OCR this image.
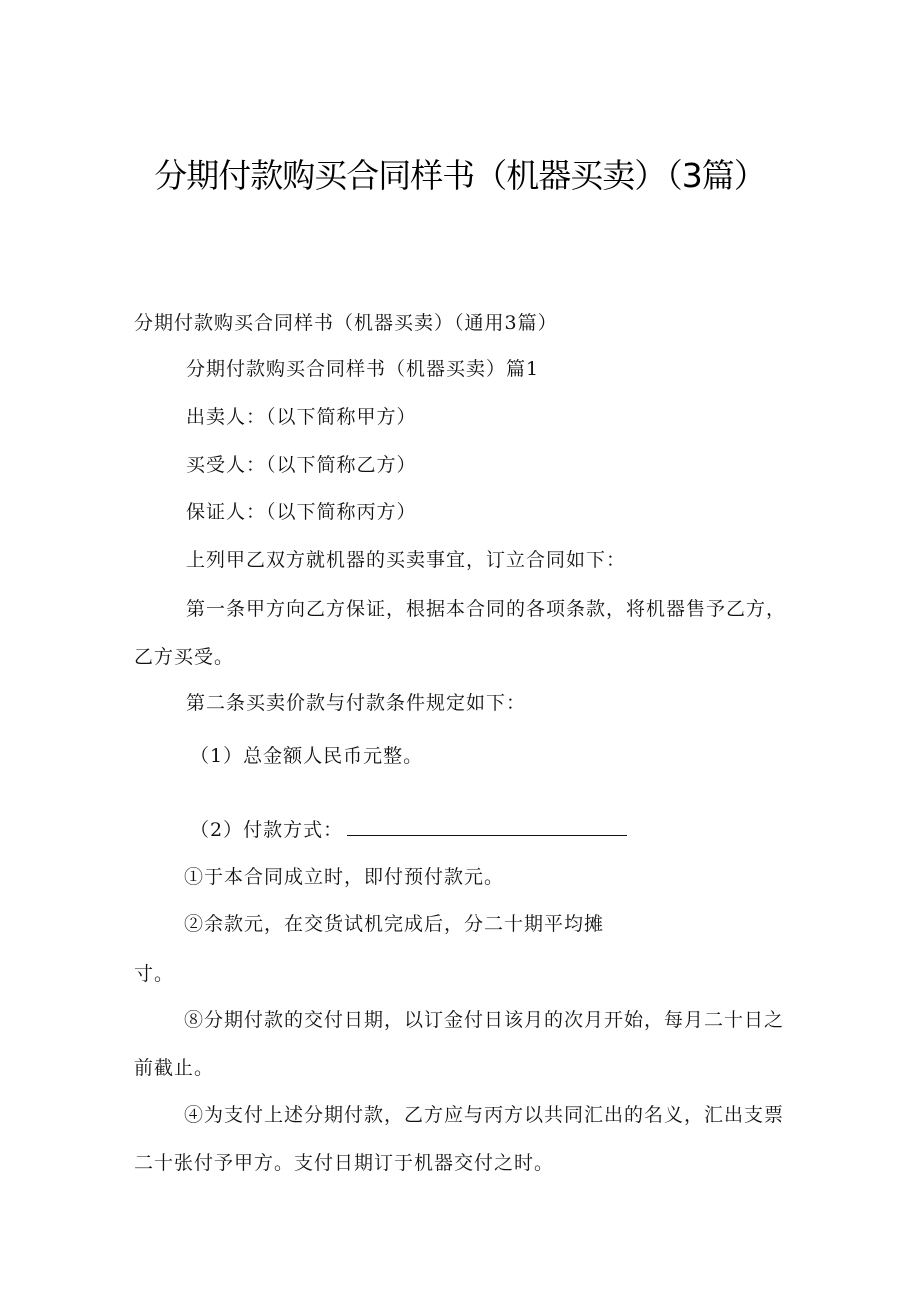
分期付款购买合同样书（机器买卖）（3篇）
分期付款购买合同样书（机器买卖）（通用3篇）
分期付款购买合同样书（机器买卖）篇1
出卖人：（以下简称甲方）
买受人：（以下简称乙方）
保证人：（以下简称丙方）
上列甲乙双方就机器的买卖事宜，订立合同如下：
第一条甲方向乙方保证，根据本合同的各项条款，将机器售予乙方，
乙方买受。
第二条买卖价款与付款条件规定如下：
（1）总金额人民币元整。
（2）付款方式：
①于本合同成立时，即付预付款元。
②余款元，在交货试机完成后，分二十期平均摊
寸。
⑧分期付款的交付日期，以订金付日该月的次月开始，每月二十日之
前截止。
④为支付上述分期付款，乙方应与丙方以共同汇出的名义，汇出支票
二十张付予甲方。支付日期订于机器交付之时。
